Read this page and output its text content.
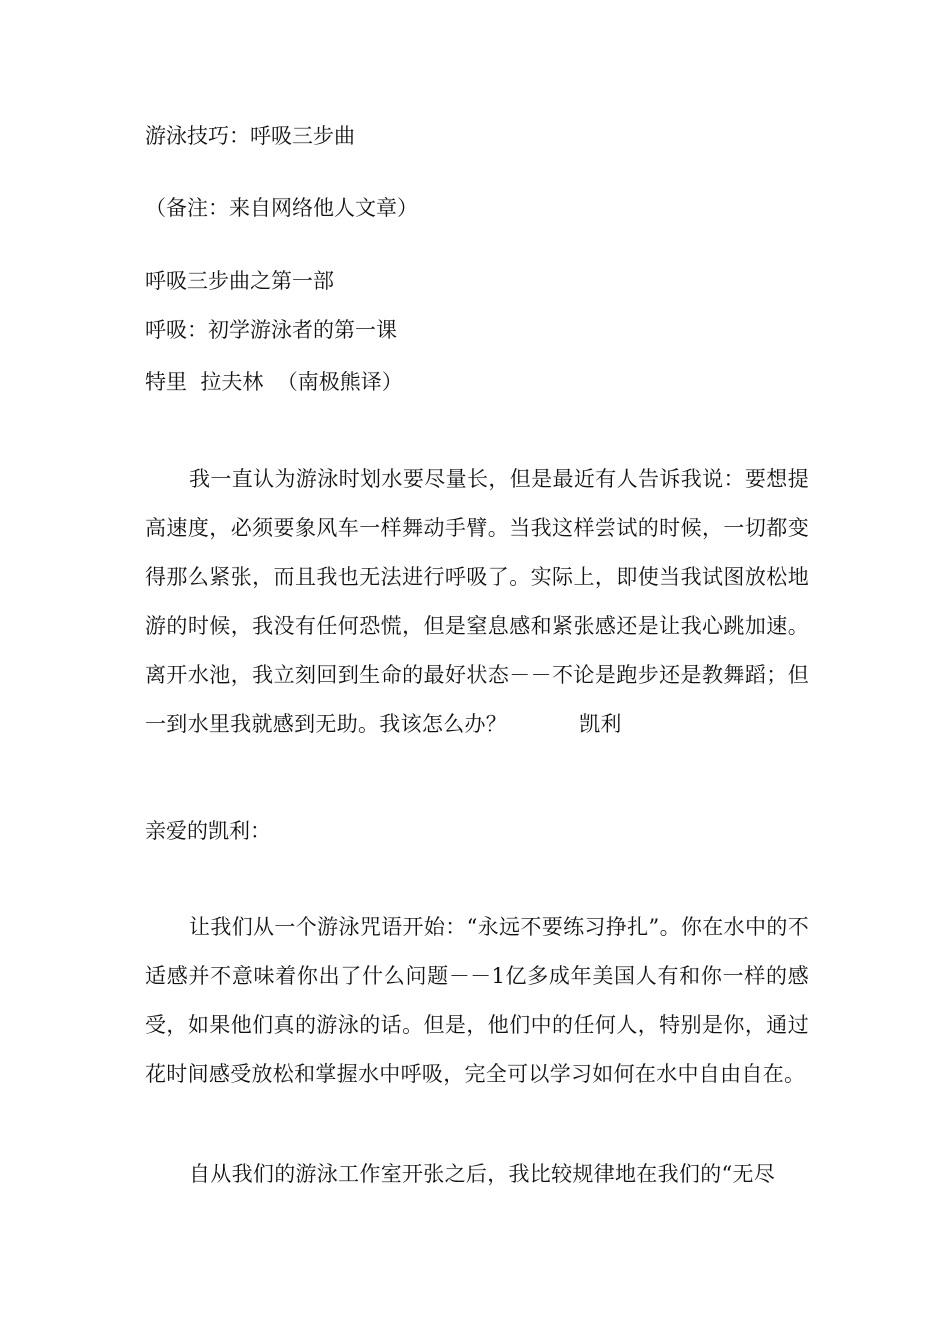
游泳技巧：呼吸三步曲
（备注：来自网络他人文章）
呼吸三步曲之第一部
呼吸：初学游泳者的第一课
特里  拉夫林  （南极熊译）
我一直认为游泳时划水要尽量长，但是最近有人告诉我说：要想提高速度，必须要象风车一样舞动手臂。当我这样尝试的时候，一切都变得那么紧张，而且我也无法进行呼吸了。实际上，即使当我试图放松地游的时候，我没有任何恐慌，但是窒息感和紧张感还是让我心跳加速。离开水池，我立刻回到生命的最好状态－－不论是跑步还是教舞蹈；但一到水里我就感到无助。我该怎么办？	凯利
亲爱的凯利：
让我们从一个游泳咒语开始：“永远不要练习挣扎”。你在水中的不适感并不意味着你出了什么问题－－1亿多成年美国人有和你一样的感受，如果他们真的游泳的话。但是，他们中的任何人，特别是你，通过花时间感受放松和掌握水中呼吸，完全可以学习如何在水中自由自在。
自从我们的游泳工作室开张之后，我比较规律地在我们的“无尽
